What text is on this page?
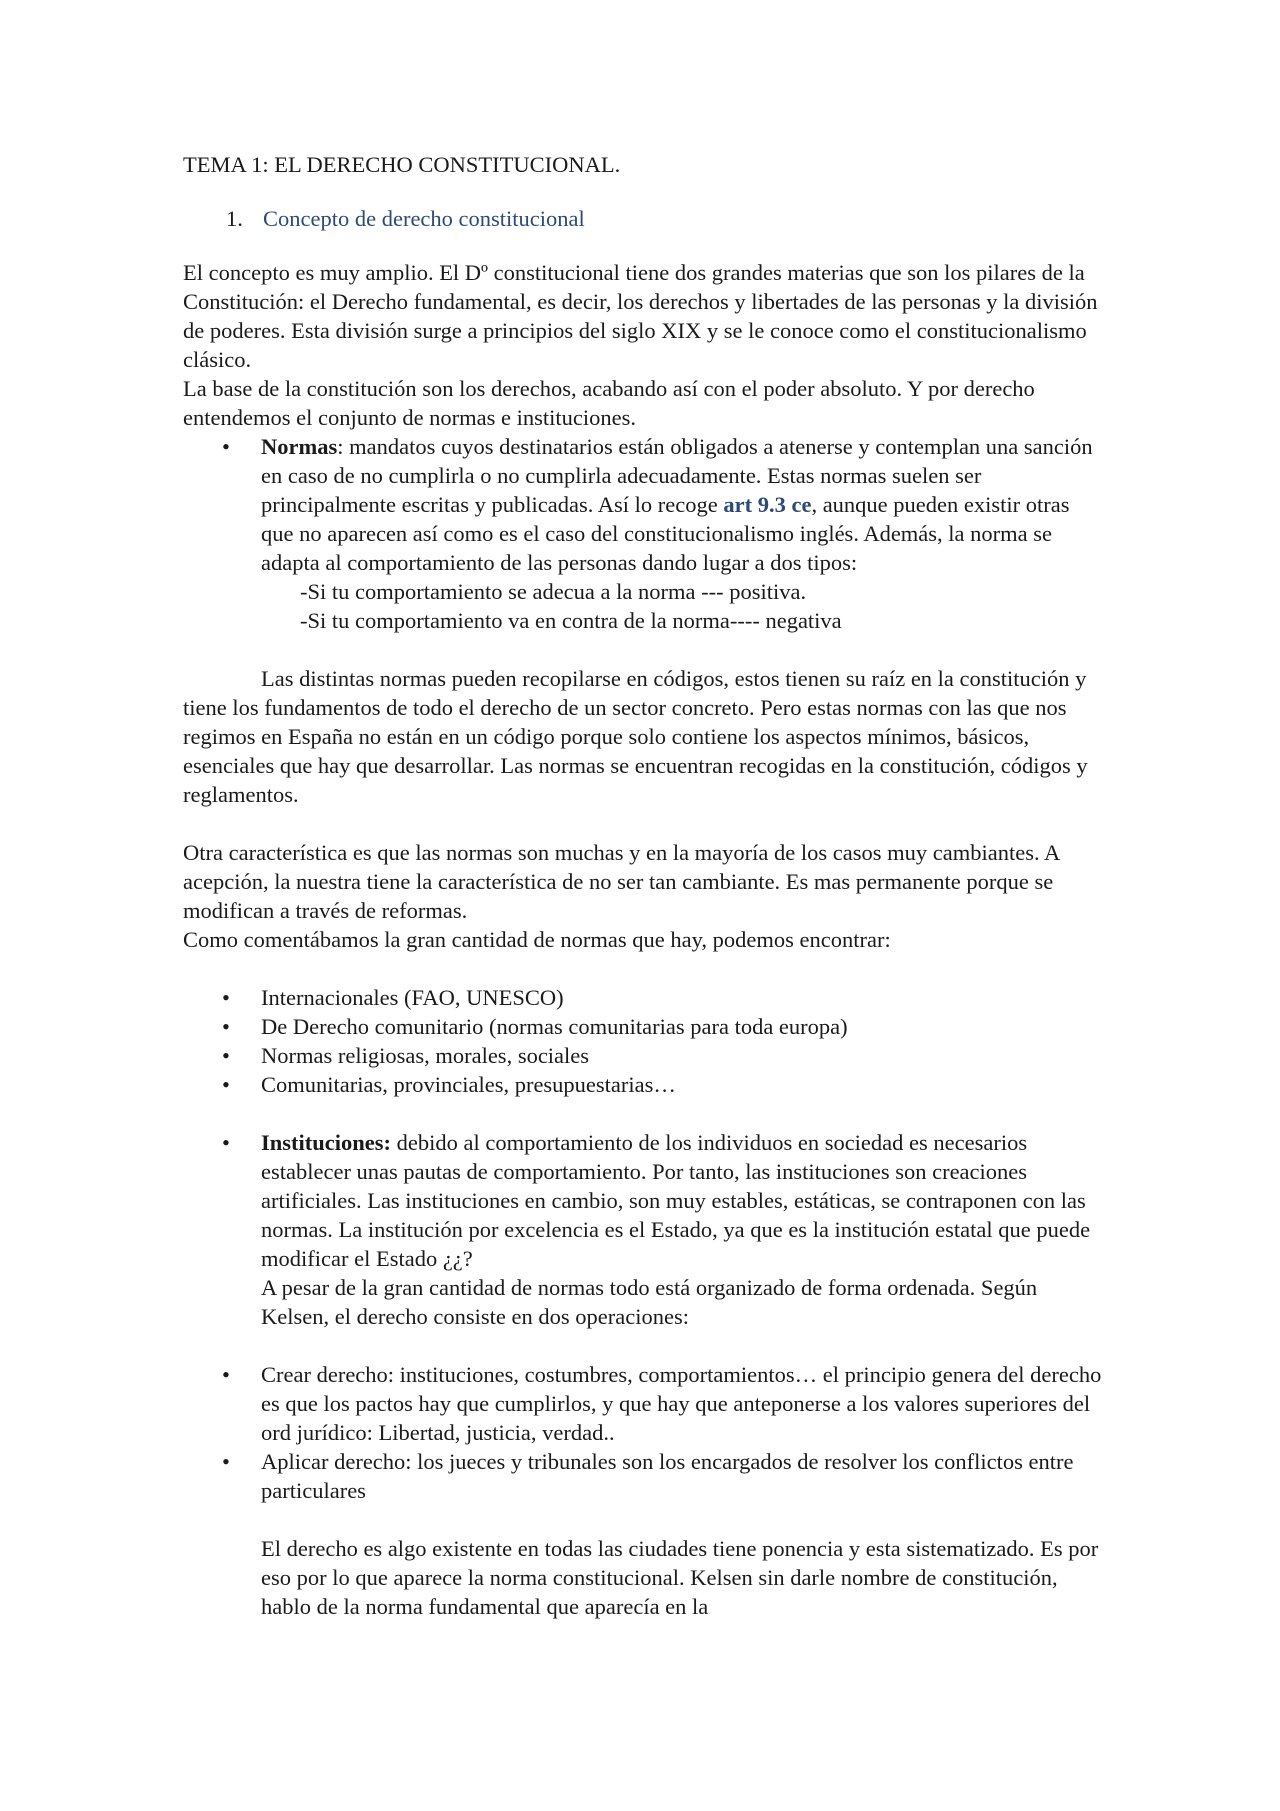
TEMA 1: EL DERECHO CONSTITUCIONAL.

1. Concepto de derecho constitucional

El concepto es muy amplio. El Dº constitucional tiene dos grandes materias que son los pilares de la Constitución: el Derecho fundamental, es decir, los derechos y libertades de las personas y la división de poderes. Esta división surge a principios del siglo XIX y se le conoce como el constitucionalismo clásico.

La base de la constitución son los derechos, acabando así con el poder absoluto. Y por derecho entendemos el conjunto de normas e instituciones.

• Normas: mandatos cuyos destinatarios están obligados a atenerse y contemplan una sanción en caso de no cumplirla o no cumplirla adecuadamente. Estas normas suelen ser principalmente escritas y publicadas. Así lo recoge art 9.3 ce, aunque pueden existir otras que no aparecen así como es el caso del constitucionalismo inglés. Además, la norma se adapta al comportamiento de las personas dando lugar a dos tipos:

-Si tu comportamiento se adecua a la norma --- positiva.

-Si tu comportamiento va en contra de la norma---- negativa

Las distintas normas pueden recopilarse en códigos, estos tienen su raíz en la constitución y tiene los fundamentos de todo el derecho de un sector concreto. Pero estas normas con las que nos regimos en España no están en un código porque solo contiene los aspectos mínimos, básicos, esenciales que hay que desarrollar. Las normas se encuentran recogidas en la constitución, códigos y reglamentos.

Otra característica es que las normas son muchas y en la mayoría de los casos muy cambiantes. A acepción, la nuestra tiene la característica de no ser tan cambiante. Es mas permanente porque se modifican a través de reformas.

Como comentábamos la gran cantidad de normas que hay, podemos encontrar:

• Internacionales (FAO, UNESCO)
• De Derecho comunitario (normas comunitarias para toda europa)
• Normas religiosas, morales, sociales
• Comunitarias, provinciales, presupuestarias…
• Instituciones: debido al comportamiento de los individuos en sociedad es necesarios establecer unas pautas de comportamiento. Por tanto, las instituciones son creaciones artificiales. Las instituciones en cambio, son muy estables, estáticas, se contraponen con las normas. La institución por excelencia es el Estado, ya que es la institución estatal que puede modificar el Estado ¿¿?

A pesar de la gran cantidad de normas todo está organizado de forma ordenada. Según Kelsen, el derecho consiste en dos operaciones:

• Crear derecho: instituciones, costumbres, comportamientos… el principio genera del derecho es que los pactos hay que cumplirlos, y que hay que anteponerse a los valores superiores del ord jurídico: Libertad, justicia, verdad..
• Aplicar derecho: los jueces y tribunales son los encargados de resolver los conflictos entre particulares

El derecho es algo existente en todas las ciudades tiene ponencia y esta sistematizado. Es por eso por lo que aparece la norma constitucional. Kelsen sin darle nombre de constitución, hablo de la norma fundamental que aparecía en la
